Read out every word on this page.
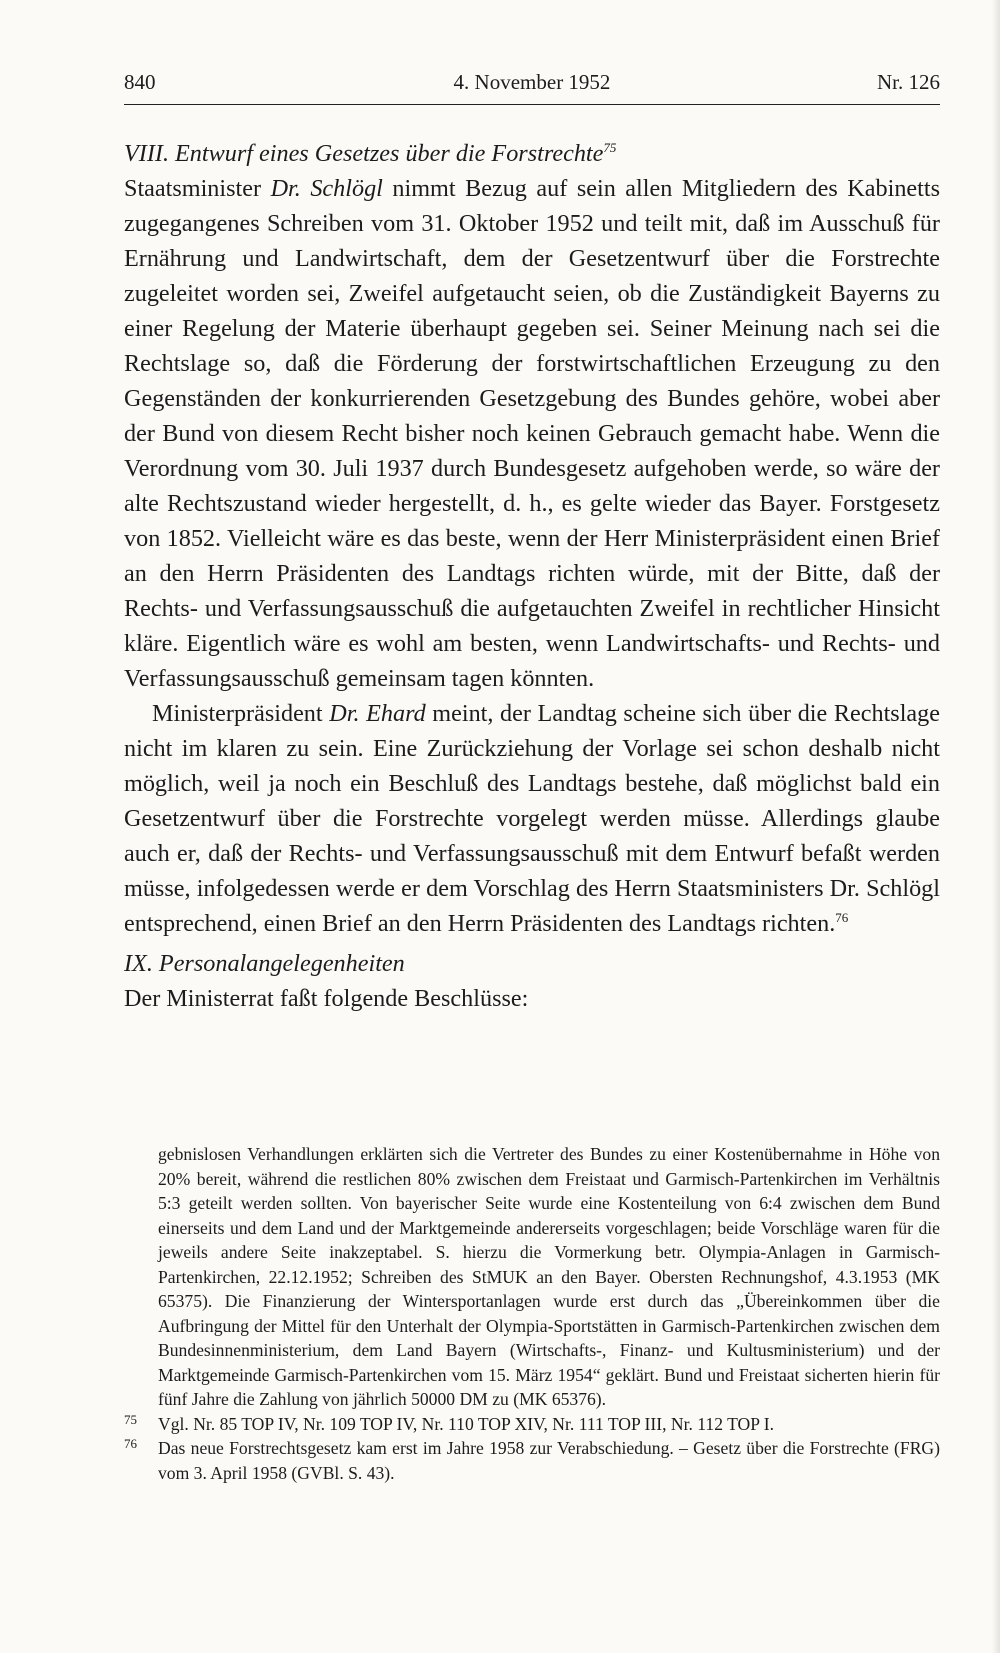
840	4. November 1952	Nr. 126
VIII. Entwurf eines Gesetzes über die Forstrechte$^{75}$

Staatsminister Dr. Schlögl nimmt Bezug auf sein allen Mitgliedern des Kabinetts zugegangenes Schreiben vom 31. Oktober 1952 und teilt mit, daß im Ausschuß für Ernährung und Landwirtschaft, dem der Gesetzentwurf über die Forstrechte zugeleitet worden sei, Zweifel aufgetaucht seien, ob die Zuständigkeit Bayerns zu einer Regelung der Materie überhaupt gegeben sei. Seiner Meinung nach sei die Rechtslage so, daß die Förderung der forstwirtschaftlichen Erzeugung zu den Gegenständen der konkurrierenden Gesetzgebung des Bundes gehöre, wobei aber der Bund von diesem Recht bisher noch keinen Gebrauch gemacht habe. Wenn die Verordnung vom 30. Juli 1937 durch Bundesgesetz aufgehoben werde, so wäre der alte Rechtszustand wieder hergestellt, d. h., es gelte wieder das Bayer. Forstgesetz von 1852. Vielleicht wäre es das beste, wenn der Herr Ministerpräsident einen Brief an den Herrn Präsidenten des Landtags richten würde, mit der Bitte, daß der Rechts- und Verfassungsausschuß die aufgetauchten Zweifel in rechtlicher Hinsicht kläre. Eigentlich wäre es wohl am besten, wenn Landwirtschafts- und Rechts- und Verfassungsausschuß gemeinsam tagen könnten.

Ministerpräsident Dr. Ehard meint, der Landtag scheine sich über die Rechtslage nicht im klaren zu sein. Eine Zurückziehung der Vorlage sei schon deshalb nicht möglich, weil ja noch ein Beschluß des Landtags bestehe, daß möglichst bald ein Gesetzentwurf über die Forstrechte vorgelegt werden müsse. Allerdings glaube auch er, daß der Rechts- und Verfassungsausschuß mit dem Entwurf befaßt werden müsse, infolgedessen werde er dem Vorschlag des Herrn Staatsministers Dr. Schlögl entsprechend, einen Brief an den Herrn Präsidenten des Landtags richten.$^{76}$

IX. Personalangelegenheiten

Der Ministerrat faßt folgende Beschlüsse:

gebnislosen Verhandlungen erklärten sich die Vertreter des Bundes zu einer Kostenübernahme in Höhe von 20% bereit, während die restlichen 80% zwischen dem Freistaat und Garmisch-Partenkirchen im Verhältnis 5:3 geteilt werden sollten. Von bayerischer Seite wurde eine Kostenteilung von 6:4 zwischen dem Bund einerseits und dem Land und der Marktgemeinde andererseits vorgeschlagen; beide Vorschläge waren für die jeweils andere Seite inakzeptabel. S. hierzu die Vormerkung betr. Olympia-Anlagen in Garmisch-Partenkirchen, 22.12.1952; Schreiben des StMUK an den Bayer. Obersten Rechnungshof, 4.3.1953 (MK 65375). Die Finanzierung der Wintersportanlagen wurde erst durch das „Übereinkommen über die Aufbringung der Mittel für den Unterhalt der Olympia-Sportstätten in Garmisch-Partenkirchen zwischen dem Bundesinnenministerium, dem Land Bayern (Wirtschafts-, Finanz- und Kultusministerium) und der Marktgemeinde Garmisch-Partenkirchen vom 15. März 1954“ geklärt. Bund und Freistaat sicherten hierin für fünf Jahre die Zahlung von jährlich 50000 DM zu (MK 65376).

75 Vgl. Nr. 85 TOP IV, Nr. 109 TOP IV, Nr. 110 TOP XIV, Nr. 111 TOP III, Nr. 112 TOP I.

76 Das neue Forstrechtsgesetz kam erst im Jahre 1958 zur Verabschiedung. – Gesetz über die Forstrechte (FRG) vom 3. April 1958 (GVBl. S. 43).
